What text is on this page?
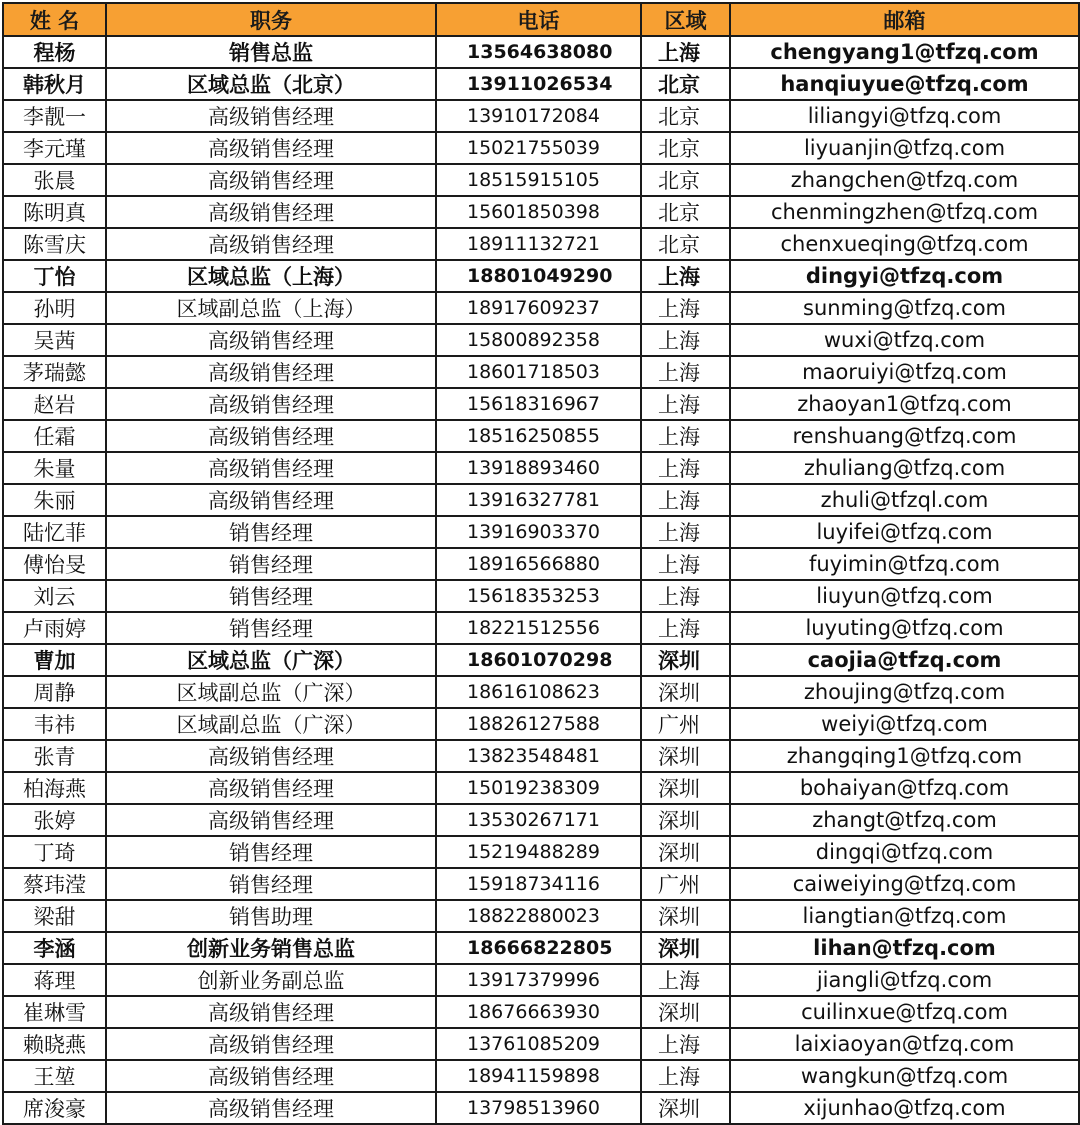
姓 名	职务	电话	区域	邮箱
程杨	销售总监	13564638080	上海	chengyang1@tfzq.com
韩秋月	区域总监（北京）	13911026534	北京	hanqiuyue@tfzq.com
李靓一	高级销售经理	13910172084	北京	liliangyi@tfzq.com
李元瑾	高级销售经理	15021755039	北京	liyuanjin@tfzq.com
张晨	高级销售经理	18515915105	北京	zhangchen@tfzq.com
陈明真	高级销售经理	15601850398	北京	chenmingzhen@tfzq.com
陈雪庆	高级销售经理	18911132721	北京	chenxueqing@tfzq.com
丁怡	区域总监（上海）	18801049290	上海	dingyi@tfzq.com
孙明	区域副总监（上海）	18917609237	上海	sunming@tfzq.com
吴茜	高级销售经理	15800892358	上海	wuxi@tfzq.com
茅瑞懿	高级销售经理	18601718503	上海	maoruiyi@tfzq.com
赵岩	高级销售经理	15618316967	上海	zhaoyan1@tfzq.com
任霜	高级销售经理	18516250855	上海	renshuang@tfzq.com
朱量	高级销售经理	13918893460	上海	zhuliang@tfzq.com
朱丽	高级销售经理	13916327781	上海	zhuli@tfzql.com
陆忆菲	销售经理	13916903370	上海	luyifei@tfzq.com
傅怡旻	销售经理	18916566880	上海	fuyimin@tfzq.com
刘云	销售经理	15618353253	上海	liuyun@tfzq.com
卢雨婷	销售经理	18221512556	上海	luyuting@tfzq.com
曹加	区域总监（广深）	18601070298	深圳	caojia@tfzq.com
周静	区域副总监（广深）	18616108623	深圳	zhoujing@tfzq.com
韦祎	区域副总监（广深）	18826127588	广州	weiyi@tfzq.com
张青	高级销售经理	13823548481	深圳	zhangqing1@tfzq.com
柏海燕	高级销售经理	15019238309	深圳	bohaiyan@tfzq.com
张婷	高级销售经理	13530267171	深圳	zhangt@tfzq.com
丁琦	销售经理	15219488289	深圳	dingqi@tfzq.com
蔡玮滢	销售经理	15918734116	广州	caiweiying@tfzq.com
梁甜	销售助理	18822880023	深圳	liangtian@tfzq.com
李涵	创新业务销售总监	18666822805	深圳	lihan@tfzq.com
蒋理	创新业务副总监	13917379996	上海	jiangli@tfzq.com
崔琳雪	高级销售经理	18676663930	深圳	cuilinxue@tfzq.com
赖晓燕	高级销售经理	13761085209	上海	laixiaoyan@tfzq.com
王堃	高级销售经理	18941159898	上海	wangkun@tfzq.com
席浚豪	高级销售经理	13798513960	深圳	xijunhao@tfzq.com
